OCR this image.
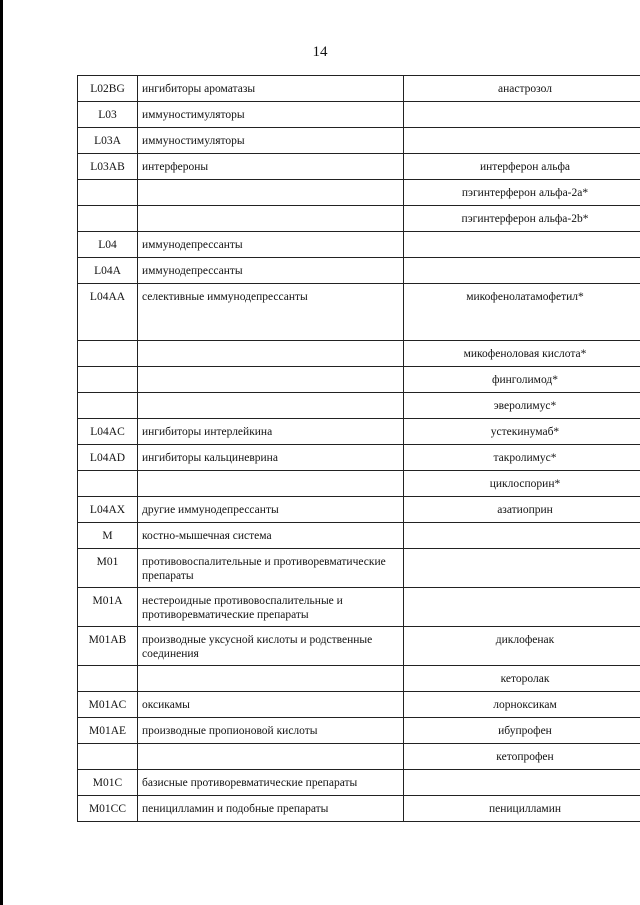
14
L02BG	ингибиторы ароматазы	анастрозол
L03	иммуностимуляторы	
L03A	иммуностимуляторы	
L03AB	интерфероны	интерферон альфа
		пэгинтерферон альфа-2a*
		пэгинтерферон альфа-2b*
L04	иммунодепрессанты	
L04A	иммунодепрессанты	
L04AA	селективные иммунодепрессанты	микофенолатамофетил*
		микофеноловая кислота*
		финголимод*
		эверолимус*
L04AC	ингибиторы интерлейкина	устекинумаб*
L04AD	ингибиторы кальциневрина	такролимус*
		циклоспорин*
L04AX	другие иммунодепрессанты	азатиоприн
M	костно-мышечная система	
M01	противовоспалительные и противоревматические препараты	
M01A	нестероидные противовоспалительные и противоревматические препараты	
M01AB	производные уксусной кислоты и родственные соединения	диклофенак
		кеторолак
M01AC	оксикамы	лорноксикам
M01AE	производные пропионовой кислоты	ибупрофен
		кетопрофен
M01C	базисные противоревматические препараты	
M01CC	пеницилламин и подобные препараты	пеницилламин
